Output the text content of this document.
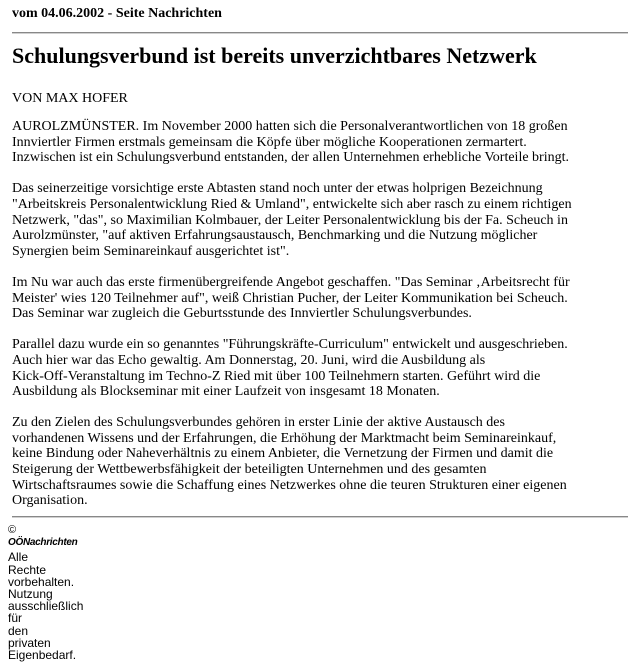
vom 04.06.2002 - Seite Nachrichten
Schulungsverbund ist bereits unverzichtbares Netzwerk
VON MAX HOFER

AUROLZMÜNSTER. Im November 2000 hatten sich die Personalverantwortlichen von 18 großen
Innviertler Firmen erstmals gemeinsam die Köpfe über mögliche Kooperationen zermartert.
Inzwischen ist ein Schulungsverbund entstanden, der allen Unternehmen erhebliche Vorteile bringt.

Das seinerzeitige vorsichtige erste Abtasten stand noch unter der etwas holprigen Bezeichnung
"Arbeitskreis Personalentwicklung Ried & Umland", entwickelte sich aber rasch zu einem richtigen
Netzwerk, "das", so Maximilian Kolmbauer, der Leiter Personalentwicklung bis der Fa. Scheuch in
Aurolzmünster, "auf aktiven Erfahrungsaustausch, Benchmarking und die Nutzung möglicher
Synergien beim Seminareinkauf ausgerichtet ist".

Im Nu war auch das erste firmenübergreifende Angebot geschaffen. "Das Seminar ‚Arbeitsrecht für
Meister' wies 120 Teilnehmer auf", weiß Christian Pucher, der Leiter Kommunikation bei Scheuch.
Das Seminar war zugleich die Geburtsstunde des Innviertler Schulungsverbundes.

Parallel dazu wurde ein so genanntes "Führungskräfte-Curriculum" entwickelt und ausgeschrieben.
Auch hier war das Echo gewaltig. Am Donnerstag, 20. Juni, wird die Ausbildung als
Kick-Off-Veranstaltung im Techno-Z Ried mit über 100 Teilnehmern starten. Geführt wird die
Ausbildung als Blockseminar mit einer Laufzeit von insgesamt 18 Monaten.

Zu den Zielen des Schulungsverbundes gehören in erster Linie der aktive Austausch des
vorhandenen Wissens und der Erfahrungen, die Erhöhung der Marktmacht beim Seminareinkauf,
keine Bindung oder Naheverhältnis zu einem Anbieter, die Vernetzung der Firmen und damit die
Steigerung der Wettbewerbsfähigkeit der beteiligten Unternehmen und des gesamten
Wirtschaftsraumes sowie die Schaffung eines Netzwerkes ohne die teuren Strukturen einer eigenen
Organisation.

©
OÖNachrichten
Alle
Rechte
vorbehalten.
Nutzung
ausschließlich
für
den
privaten
Eigenbedarf.
